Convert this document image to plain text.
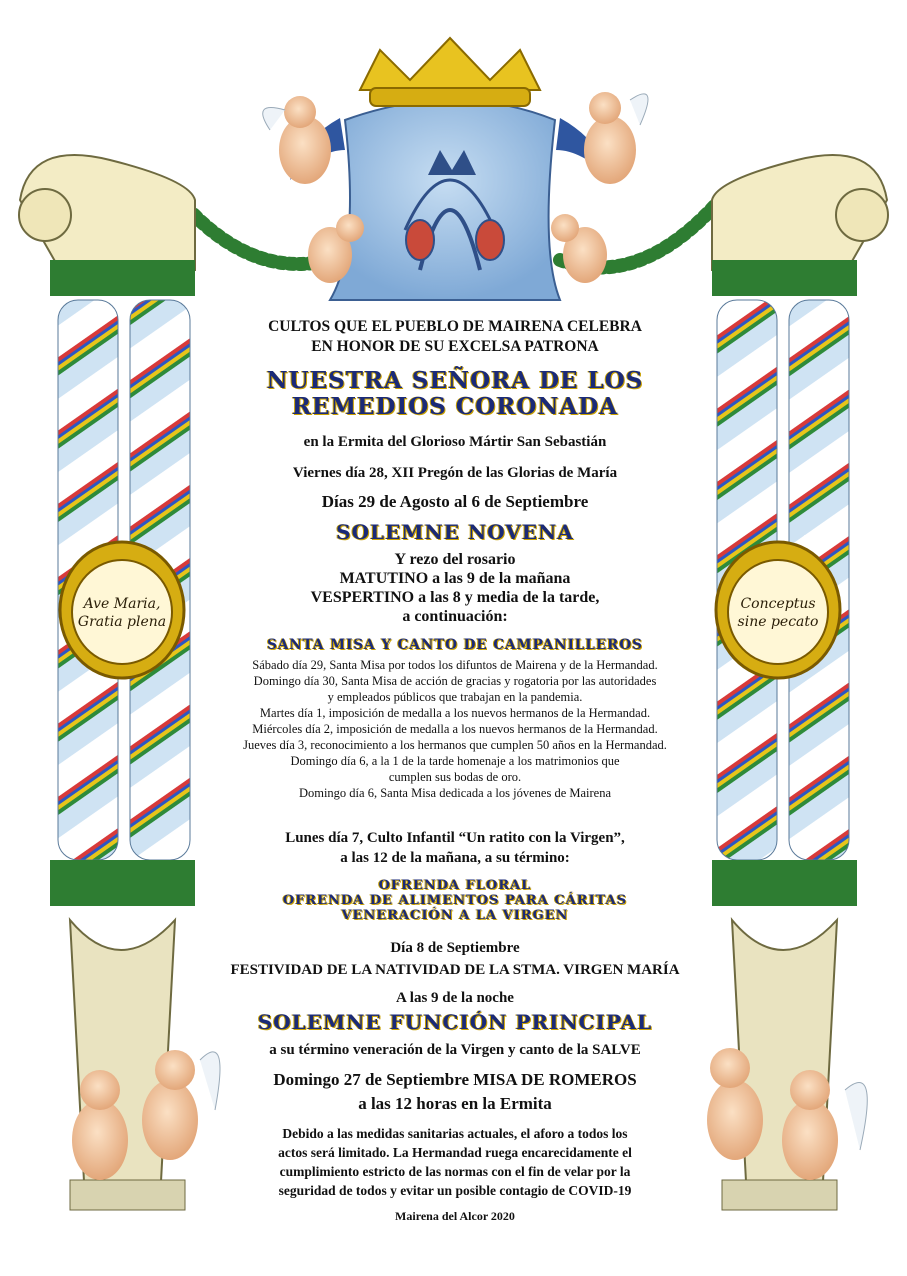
Ave Maria,
Gratia plena
Conceptus
sine pecato
CULTOS QUE EL PUEBLO DE MAIRENA CELEBRA
EN HONOR DE SU EXCELSA PATRONA
NUESTRA SEÑORA DE LOS
REMEDIOS CORONADA
en la Ermita del Glorioso Mártir San Sebastián
Viernes día 28, XII Pregón de las Glorias de María
Días 29 de Agosto al 6 de Septiembre
SOLEMNE NOVENA
Y rezo del rosario
MATUTINO a las 9 de la mañana
VESPERTINO a las 8 y media de la tarde,
a continuación:
SANTA MISA Y CANTO DE CAMPANILLEROS
Sábado día 29, Santa Misa por todos los difuntos de Mairena y de la Hermandad.
Domingo día 30, Santa Misa de acción de gracias y rogatoria por las autoridades
y empleados públicos que trabajan en la pandemia.
Martes día 1, imposición de medalla a los nuevos hermanos de la Hermandad.
Miércoles día 2, imposición de medalla a los nuevos hermanos de la Hermandad.
Jueves día 3, reconocimiento a los hermanos que cumplen 50 años en la Hermandad.
Domingo día 6, a la 1 de la tarde homenaje a los matrimonios que
cumplen sus bodas de oro.
Domingo día 6, Santa Misa dedicada a los jóvenes de Mairena
Lunes día 7, Culto Infantil “Un ratito con la Virgen”,
a las 12 de la mañana, a su término:
OFRENDA FLORAL
OFRENDA DE ALIMENTOS PARA CÁRITAS
VENERACIÓN A LA VIRGEN
Día 8 de Septiembre
FESTIVIDAD DE LA NATIVIDAD DE LA STMA. VIRGEN MARÍA
A las 9 de la noche
SOLEMNE FUNCIÓN PRINCIPAL
a su término veneración de la Virgen y canto de la SALVE
Domingo 27 de Septiembre MISA DE ROMEROS
a las 12 horas en la Ermita
Debido a las medidas sanitarias actuales, el aforo a todos los
actos será limitado. La Hermandad ruega encarecidamente el
cumplimiento estricto de las normas con el fin de velar por la
seguridad de todos y evitar un posible contagio de COVID-19
Mairena del Alcor 2020
